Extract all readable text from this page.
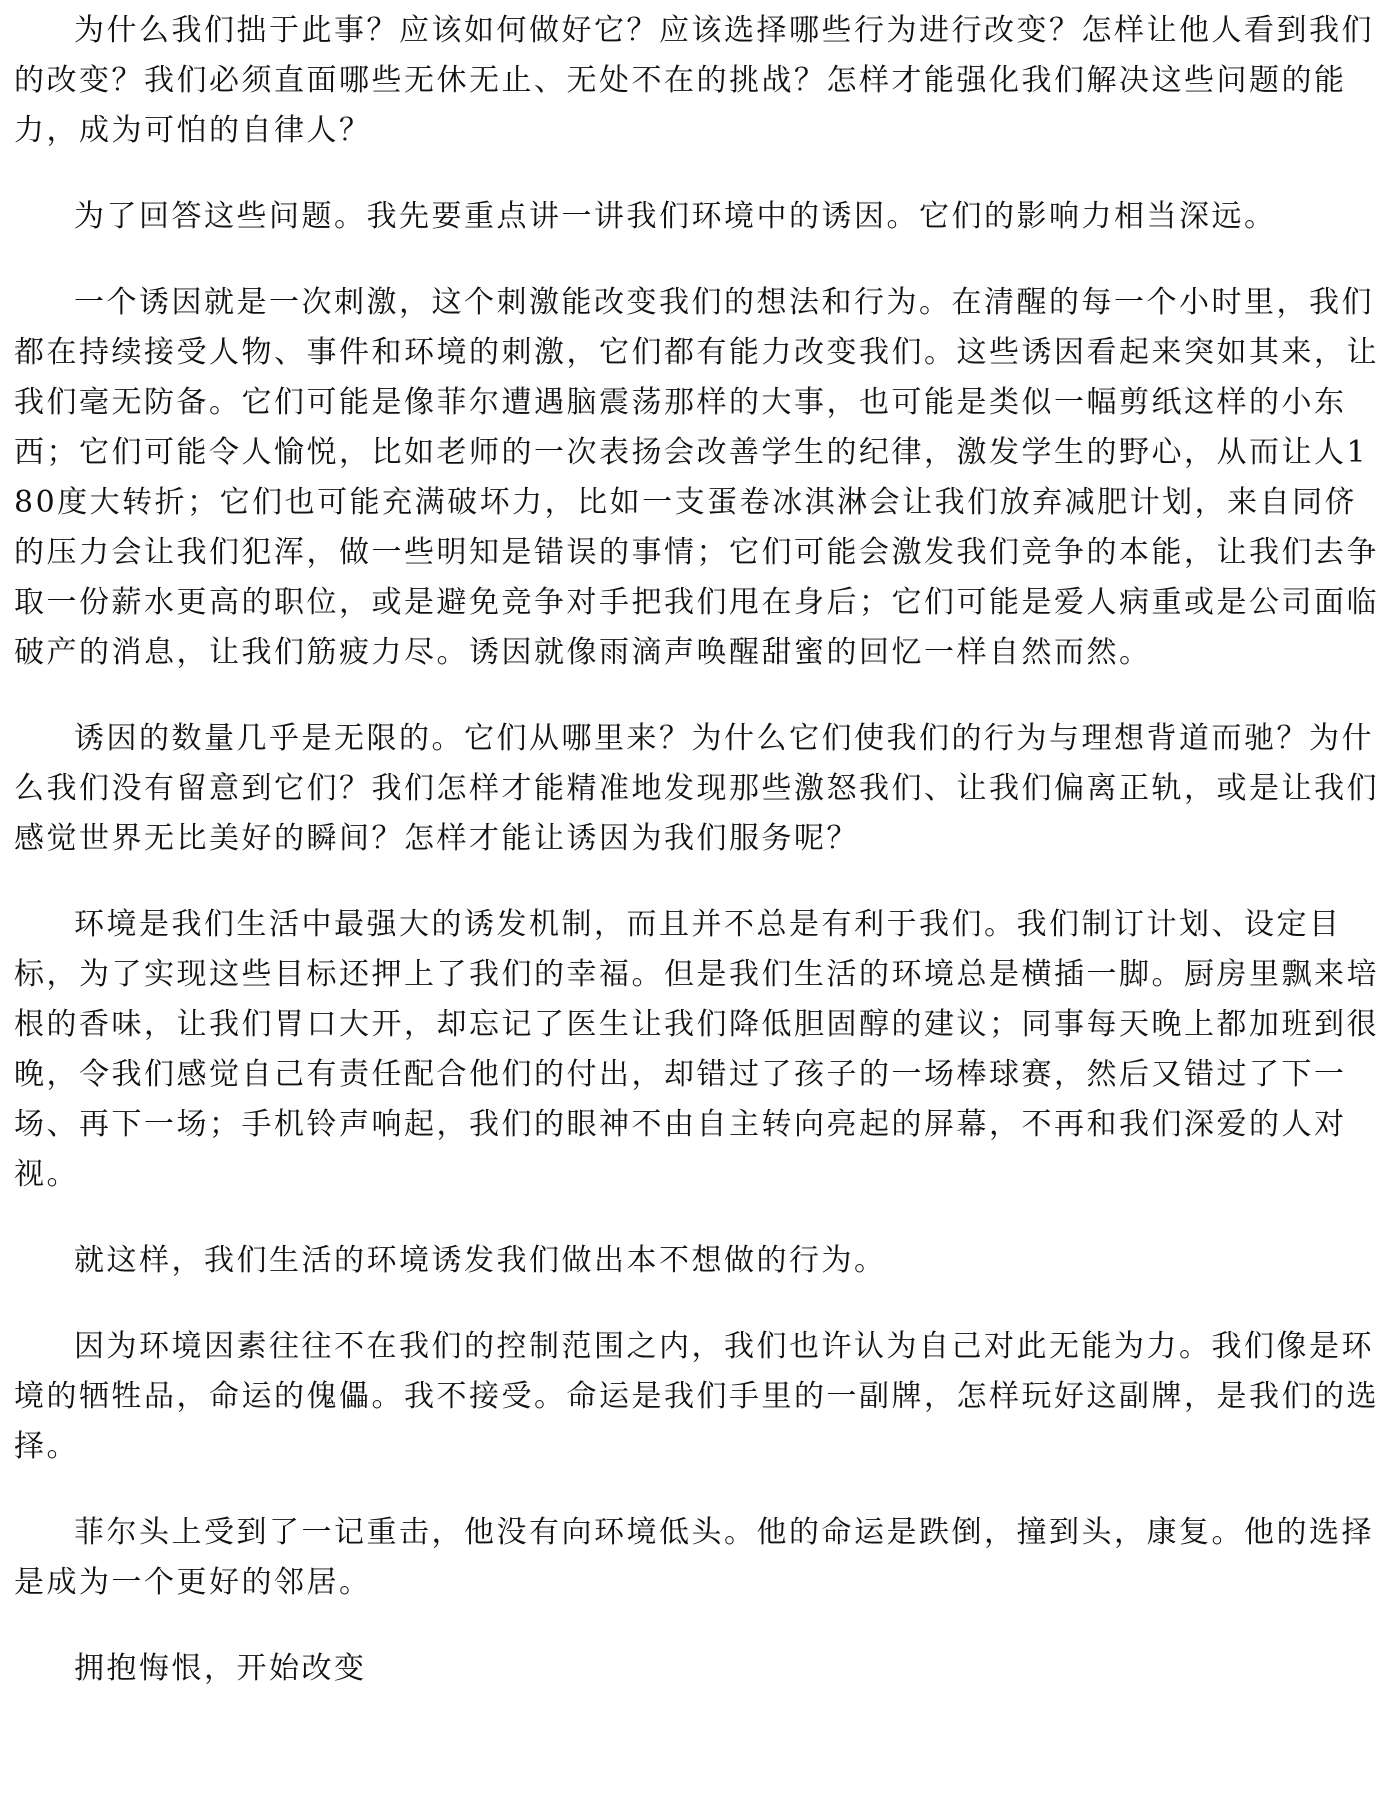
为什么我们拙于此事？应该如何做好它？应该选择哪些行为进行改变？怎样让他人看到我们的改变？我们必须直面哪些无休无止、无处不在的挑战？怎样才能强化我们解决这些问题的能力，成为可怕的自律人？

为了回答这些问题。我先要重点讲一讲我们环境中的诱因。它们的影响力相当深远。

一个诱因就是一次刺激，这个刺激能改变我们的想法和行为。在清醒的每一个小时里，我们都在持续接受人物、事件和环境的刺激，它们都有能力改变我们。这些诱因看起来突如其来，让我们毫无防备。它们可能是像菲尔遭遇脑震荡那样的大事，也可能是类似一幅剪纸这样的小东西；它们可能令人愉悦，比如老师的一次表扬会改善学生的纪律，激发学生的野心，从而让人180度大转折；它们也可能充满破坏力，比如一支蛋卷冰淇淋会让我们放弃减肥计划，来自同侪的压力会让我们犯浑，做一些明知是错误的事情；它们可能会激发我们竞争的本能，让我们去争取一份薪水更高的职位，或是避免竞争对手把我们甩在身后；它们可能是爱人病重或是公司面临破产的消息，让我们筋疲力尽。诱因就像雨滴声唤醒甜蜜的回忆一样自然而然。

诱因的数量几乎是无限的。它们从哪里来？为什么它们使我们的行为与理想背道而驰？为什么我们没有留意到它们？我们怎样才能精准地发现那些激怒我们、让我们偏离正轨，或是让我们感觉世界无比美好的瞬间？怎样才能让诱因为我们服务呢？

环境是我们生活中最强大的诱发机制，而且并不总是有利于我们。我们制订计划、设定目标，为了实现这些目标还押上了我们的幸福。但是我们生活的环境总是横插一脚。厨房里飘来培根的香味，让我们胃口大开，却忘记了医生让我们降低胆固醇的建议；同事每天晚上都加班到很晚，令我们感觉自己有责任配合他们的付出，却错过了孩子的一场棒球赛，然后又错过了下一场、再下一场；手机铃声响起，我们的眼神不由自主转向亮起的屏幕，不再和我们深爱的人对视。

就这样，我们生活的环境诱发我们做出本不想做的行为。

因为环境因素往往不在我们的控制范围之内，我们也许认为自己对此无能为力。我们像是环境的牺牲品，命运的傀儡。我不接受。命运是我们手里的一副牌，怎样玩好这副牌，是我们的选择。

菲尔头上受到了一记重击，他没有向环境低头。他的命运是跌倒，撞到头，康复。他的选择是成为一个更好的邻居。

拥抱悔恨，开始改变
